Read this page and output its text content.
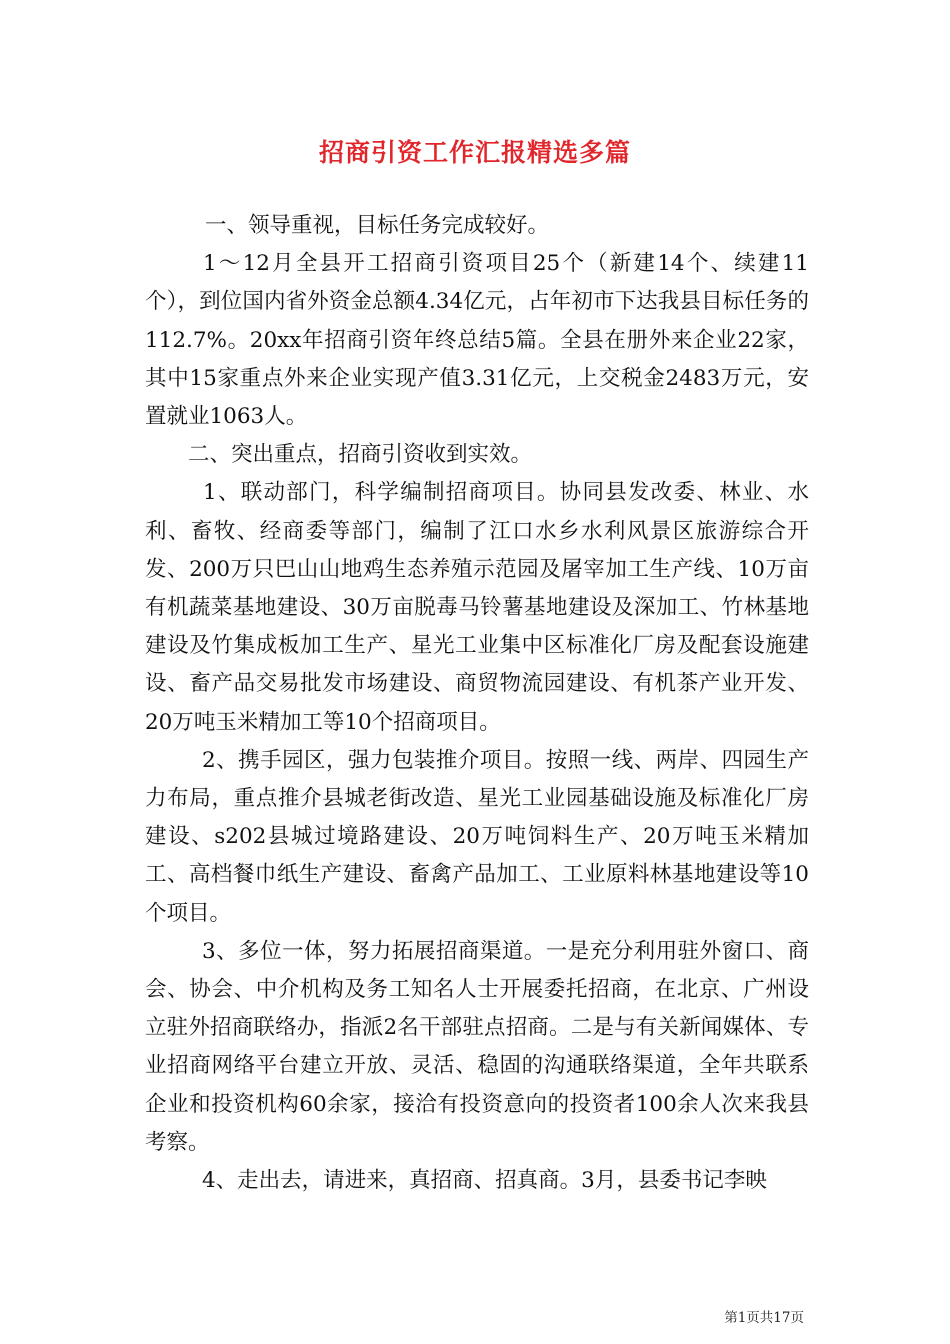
招商引资工作汇报精选多篇

一、领导重视，目标任务完成较好。

1～12月全县开工招商引资项目25个（新建14个、续建11个），到位国内省外资金总额4.34亿元，占年初市下达我县目标任务的112.7%。20xx年招商引资年终总结5篇。全县在册外来企业22家，其中15家重点外来企业实现产值3.31亿元，上交税金2483万元，安置就业1063人。

二、突出重点，招商引资收到实效。

1、联动部门，科学编制招商项目。协同县发改委、林业、水利、畜牧、经商委等部门，编制了江口水乡水利风景区旅游综合开发、200万只巴山山地鸡生态养殖示范园及屠宰加工生产线、10万亩有机蔬菜基地建设、30万亩脱毒马铃薯基地建设及深加工、竹林基地建设及竹集成板加工生产、星光工业集中区标准化厂房及配套设施建设、畜产品交易批发市场建设、商贸物流园建设、有机茶产业开发、20万吨玉米精加工等10个招商项目。

2、携手园区，强力包装推介项目。按照一线、两岸、四园生产力布局，重点推介县城老街改造、星光工业园基础设施及标准化厂房建设、s202县城过境路建设、20万吨饲料生产、20万吨玉米精加工、高档餐巾纸生产建设、畜禽产品加工、工业原料林基地建设等10个项目。

3、多位一体，努力拓展招商渠道。一是充分利用驻外窗口、商会、协会、中介机构及务工知名人士开展委托招商，在北京、广州设立驻外招商联络办，指派2名干部驻点招商。二是与有关新闻媒体、专业招商网络平台建立开放、灵活、稳固的沟通联络渠道，全年共联系企业和投资机构60余家，接洽有投资意向的投资者100余人次来我县考察。

4、走出去，请进来，真招商、招真商。3月，县委书记李映

第1页共17页
